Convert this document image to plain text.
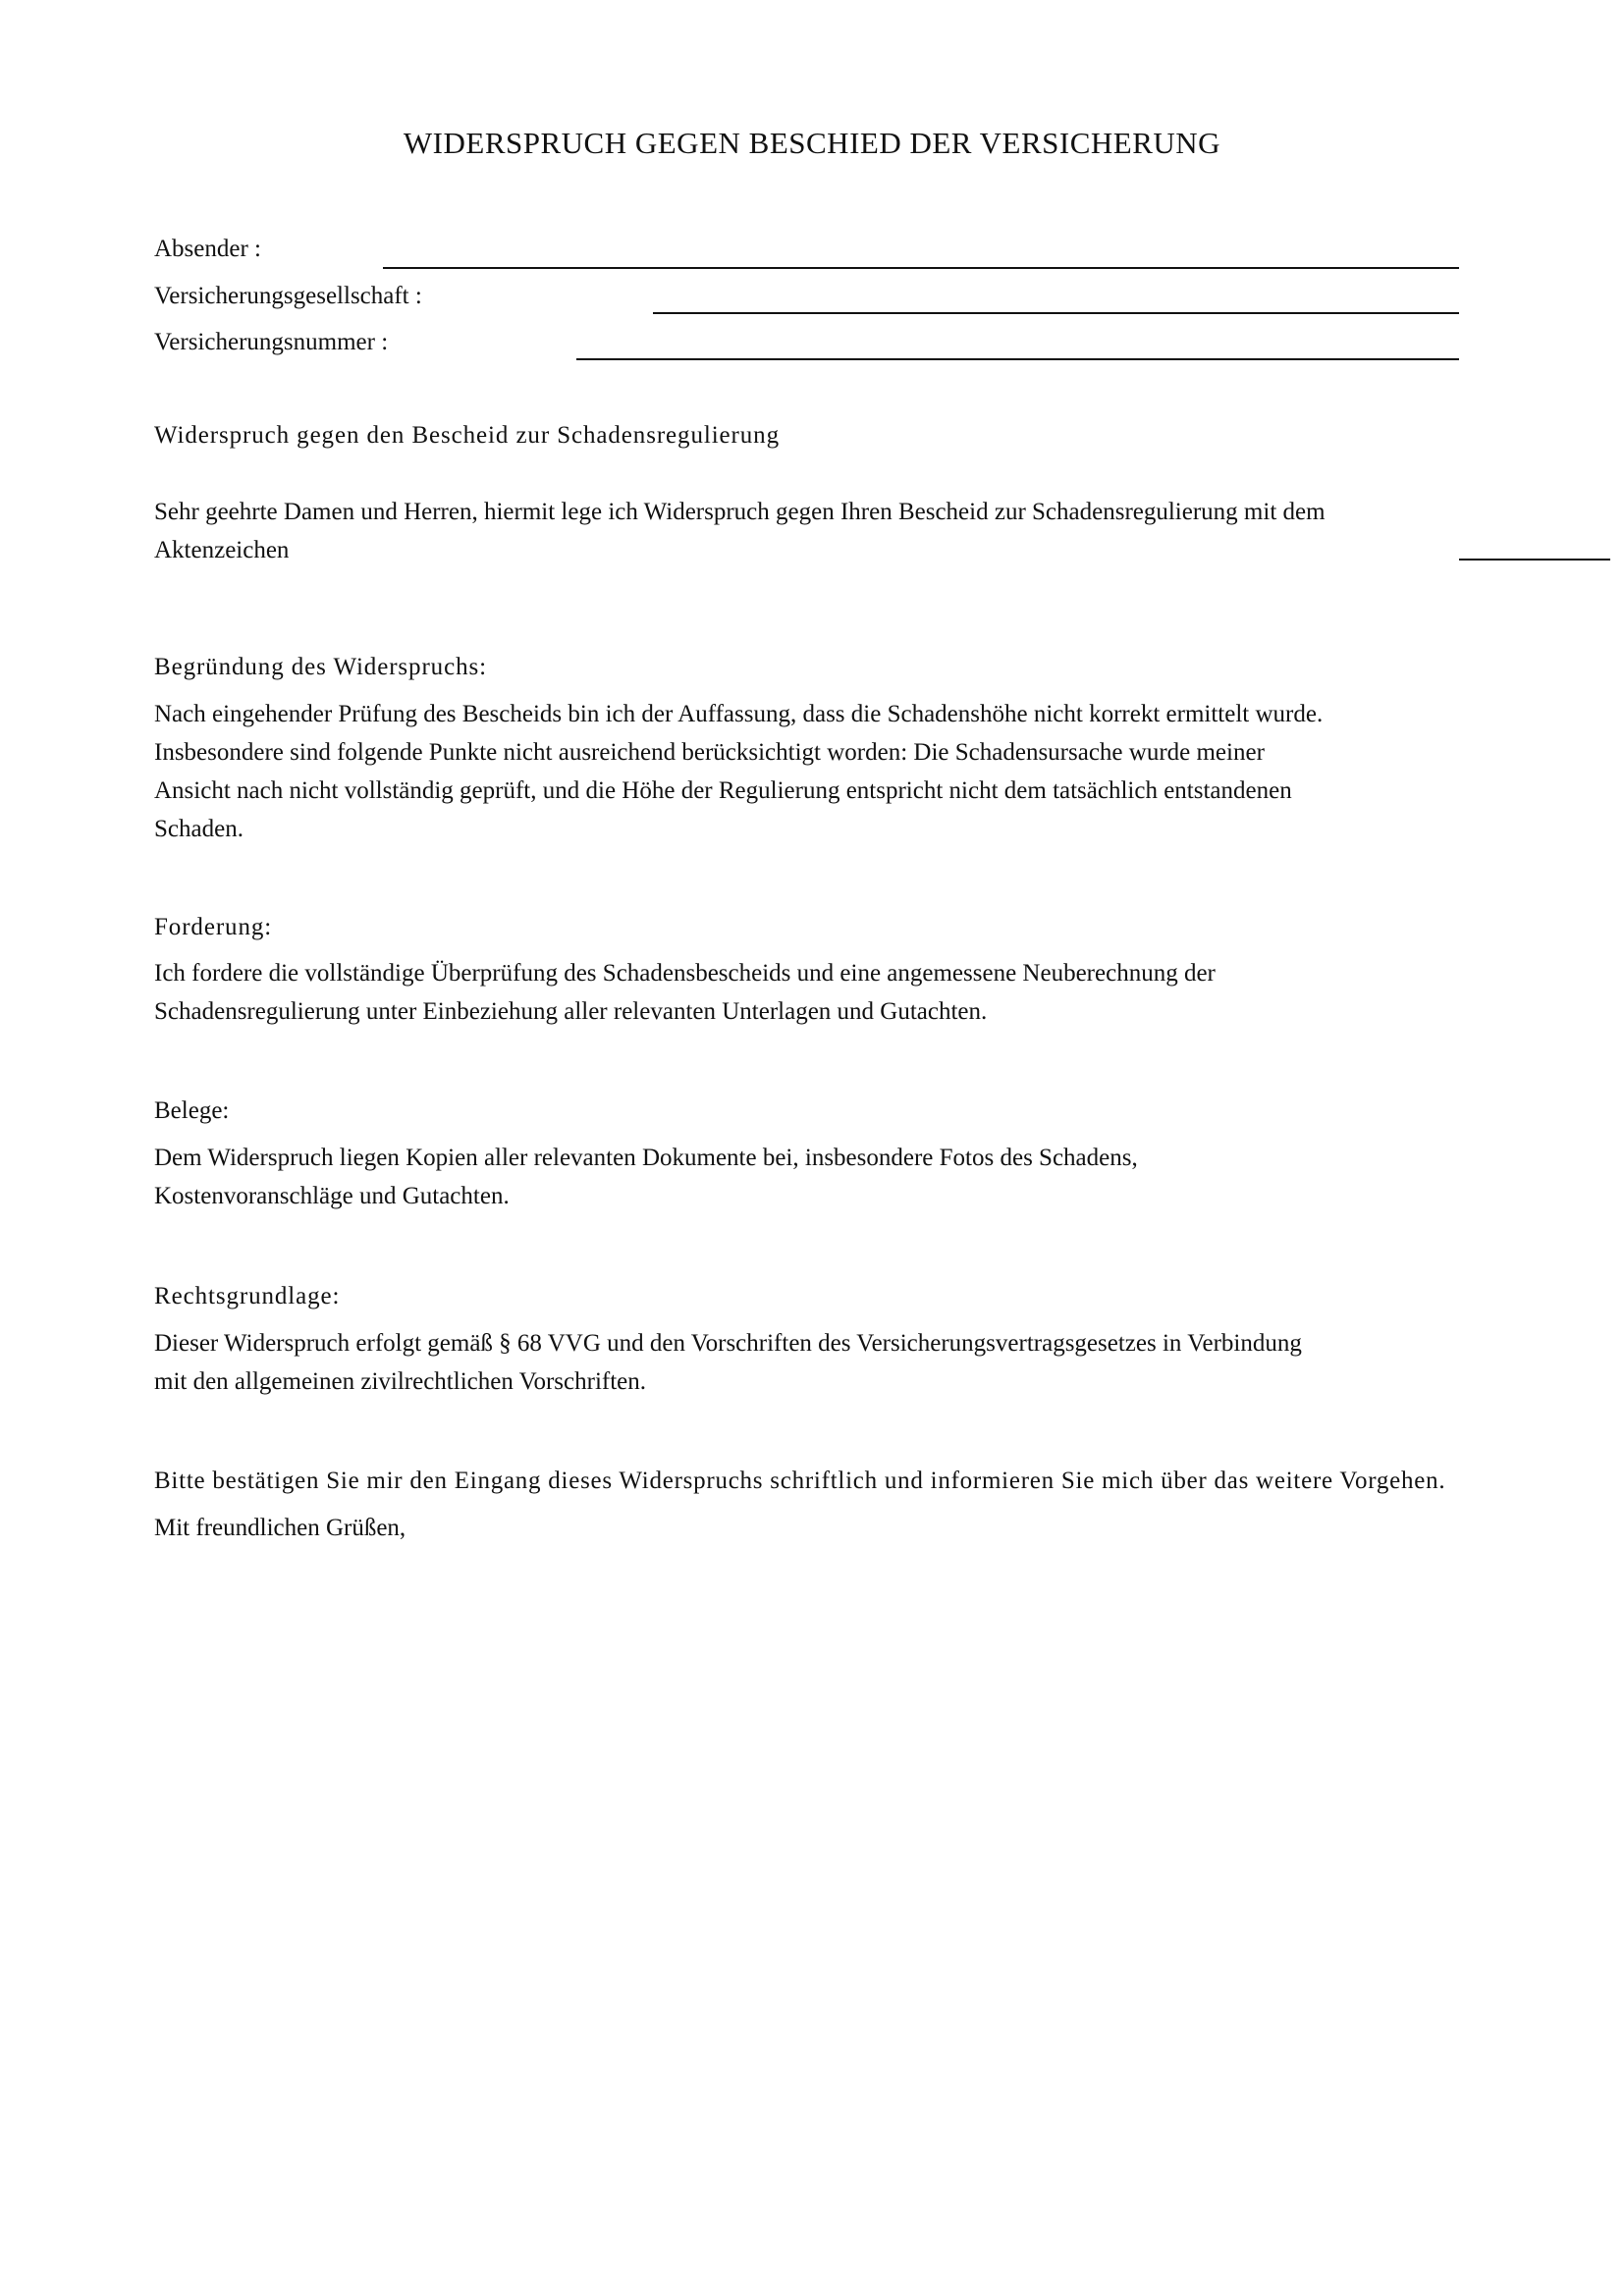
WIDERSPRUCH GEGEN BESCHIED DER VERSICHERUNG
Absender :
Versicherungsgesellschaft :
Versicherungsnummer :
Widerspruch gegen den Bescheid zur Schadensregulierung
Sehr geehrte Damen und Herren, hiermit lege ich Widerspruch gegen Ihren Bescheid zur Schadensregulierung mit dem
Aktenzeichen
Begründung des Widerspruchs:
Nach eingehender Prüfung des Bescheids bin ich der Auffassung, dass die Schadenshöhe nicht korrekt ermittelt wurde.
Insbesondere sind folgende Punkte nicht ausreichend berücksichtigt worden: Die Schadensursache wurde meiner
Ansicht nach nicht vollständig geprüft, und die Höhe der Regulierung entspricht nicht dem tatsächlich entstandenen
Schaden.
Forderung:
Ich fordere die vollständige Überprüfung des Schadensbescheids und eine angemessene Neuberechnung der
Schadensregulierung unter Einbeziehung aller relevanten Unterlagen und Gutachten.
Belege:
Dem Widerspruch liegen Kopien aller relevanten Dokumente bei, insbesondere Fotos des Schadens,
Kostenvoranschläge und Gutachten.
Rechtsgrundlage:
Dieser Widerspruch erfolgt gemäß § 68 VVG und den Vorschriften des Versicherungsvertragsgesetzes in Verbindung
mit den allgemeinen zivilrechtlichen Vorschriften.
Bitte bestätigen Sie mir den Eingang dieses Widerspruchs schriftlich und informieren Sie mich über das weitere Vorgehen.
Mit freundlichen Grüßen,
